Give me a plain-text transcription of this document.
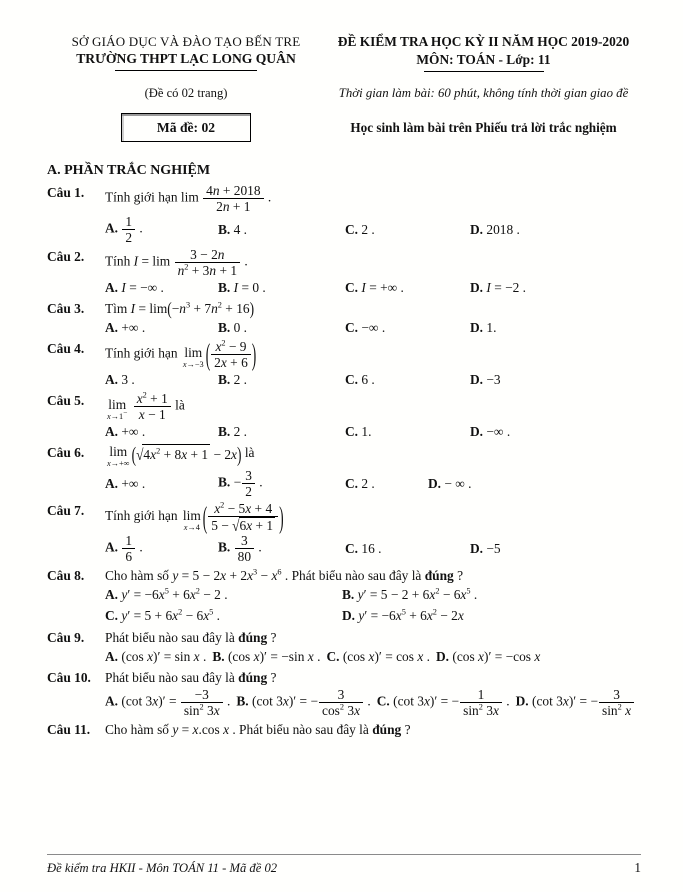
SỞ GIÁO DỤC VÀ ĐÀO TẠO BẾN TRE
TRƯỜNG THPT LẠC LONG QUÂN
(Đề có 02 trang)
Mã đề: 02
ĐỀ KIỂM TRA HỌC KỲ II NĂM HỌC 2019-2020
MÔN: TOÁN - Lớp: 11
Thời gian làm bài: 60 phút, không tính thời gian giao đề
Học sinh làm bài trên Phiếu trả lời trắc nghiệm
A. PHẦN TRẮC NGHIỆM
Câu 1.	Tính giới hạn $\lim \frac{4n + 2018}{2n + 1}$ .
A. $\frac{1}{2}$ .	B. 4 .	C. 2 .	D. 2018 .
Câu 2.	Tính $I = \lim \frac{3 - 2n}{n^2 + 3n + 1}$ .
A. I = −∞ .	B. I = 0 .	C. I = +∞ .	D. I = −2 .
Câu 3.	Tìm I = lim ( $-n^3 + 7n^2 + 16$ )
A. +∞ .	B. 0 .	C. −∞ .	D. 1.
Câu 4.	Tính giới hạn lim
x→−3 ( $\frac{x^2 - 9}{2x + 6}$ )
A. 3 .	B. 2 .	C. 6 .	D. −3
Câu 5.	lim
x→1−
$\frac{x^2 + 1}{x - 1}$ là
A. +∞ .	B. 2 .	C. 1.	D. −∞ .
Câu 6.	lim
x→+∞ ( $√4x^2 + 8x + 1 - 2x$ ) là
A. +∞ .	B. − $\frac{3}{2}$ .	C. 2 .	D. − ∞ .
Câu 7.	Tính giới hạn lim
x→4 ( $\frac{x^2 - 5x + 4}{5 - √6x + 1}$ )
A. $\frac{1}{6}$ .	B. $\frac{3}{80}$ .	C. 16 .	D. −5
Câu 8.	Cho hàm số $y = 5 - 2x + 2x^3 - x^6$ . Phát biểu nào sau đây là đúng ?
A. $y' = -6x^5 + 6x^2 - 2$ .	B. $y' = 5 - 2 + 6x^2 - 6x^5$ .
C. $y' = 5 + 6x^2 - 6x^5$ .	D. $y' = -6x^5 + 6x^2 - 2x$
Câu 9.	Phát biểu nào sau đây là đúng ?
A. (cos x)′ = sin x . B. (cos x)′ = −sin x . C. (cos x)′ = cos x . D. (cos x)′ = −cos x
Câu 10.	Phát biểu nào sau đây là đúng ?
A. (cot $3x)' = \frac{-3}{\sin^2 3x}$ . B. (cot 3x)′ = − $\frac{3}{\cos^2 3x}$ . C. (cot 3x)′ = − $\frac{1}{\sin^2 3x}$ . D. (cot 3x)′ = − $\frac{3}{\sin^2 x}$
Câu 11.	Cho hàm số y = x.cos x . Phát biểu nào sau đây là đúng ?
Đề kiểm tra HKII - Môn TOÁN 11 - Mã đề 02	1
